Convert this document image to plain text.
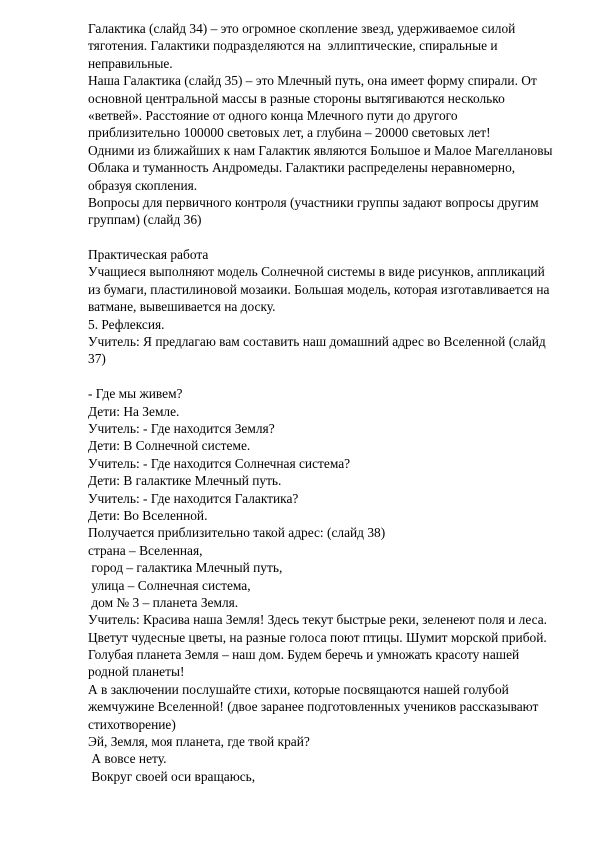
Галактика (слайд 34) – это огромное скопление звезд, удерживаемое силой
тяготения. Галактики подразделяются на  эллиптические, спиральные и
неправильные.
Наша Галактика (слайд 35) – это Млечный путь, она имеет форму спирали. От
основной центральной массы в разные стороны вытягиваются несколько
«ветвей». Расстояние от одного конца Млечного пути до другого
приблизительно 100000 световых лет, а глубина – 20000 световых лет!
Одними из ближайших к нам Галактик являются Большое и Малое Магеллановы
Облака и туманность Андромеды. Галактики распределены неравномерно,
образуя скопления.
Вопросы для первичного контроля (участники группы задают вопросы другим
группам) (слайд 36)
Практическая работа
Учащиеся выполняют модель Солнечной системы в виде рисунков, аппликаций
из бумаги, пластилиновой мозаики. Большая модель, которая изготавливается на
ватмане, вывешивается на доску.
5. Рефлексия.
Учитель: Я предлагаю вам составить наш домашний адрес во Вселенной (слайд
37)
- Где мы живем?
Дети: На Земле.
Учитель: - Где находится Земля?
Дети: В Солнечной системе.
Учитель: - Где находится Солнечная система?
Дети: В галактике Млечный путь.
Учитель: - Где находится Галактика?
Дети: Во Вселенной.
Получается приблизительно такой адрес: (слайд 38)
страна – Вселенная,
город – галактика Млечный путь,
улица – Солнечная система,
дом № 3 – планета Земля.
Учитель: Красива наша Земля! Здесь текут быстрые реки, зеленеют поля и леса.
Цветут чудесные цветы, на разные голоса поют птицы. Шумит морской прибой.
Голубая планета Земля – наш дом. Будем беречь и умножать красоту нашей
родной планеты!
А в заключении послушайте стихи, которые посвящаются нашей голубой
жемчужине Вселенной! (двое заранее подготовленных учеников рассказывают
стихотворение)
Эй, Земля, моя планета, где твой край?
А вовсе нету.
Вокруг своей оси вращаюсь,
